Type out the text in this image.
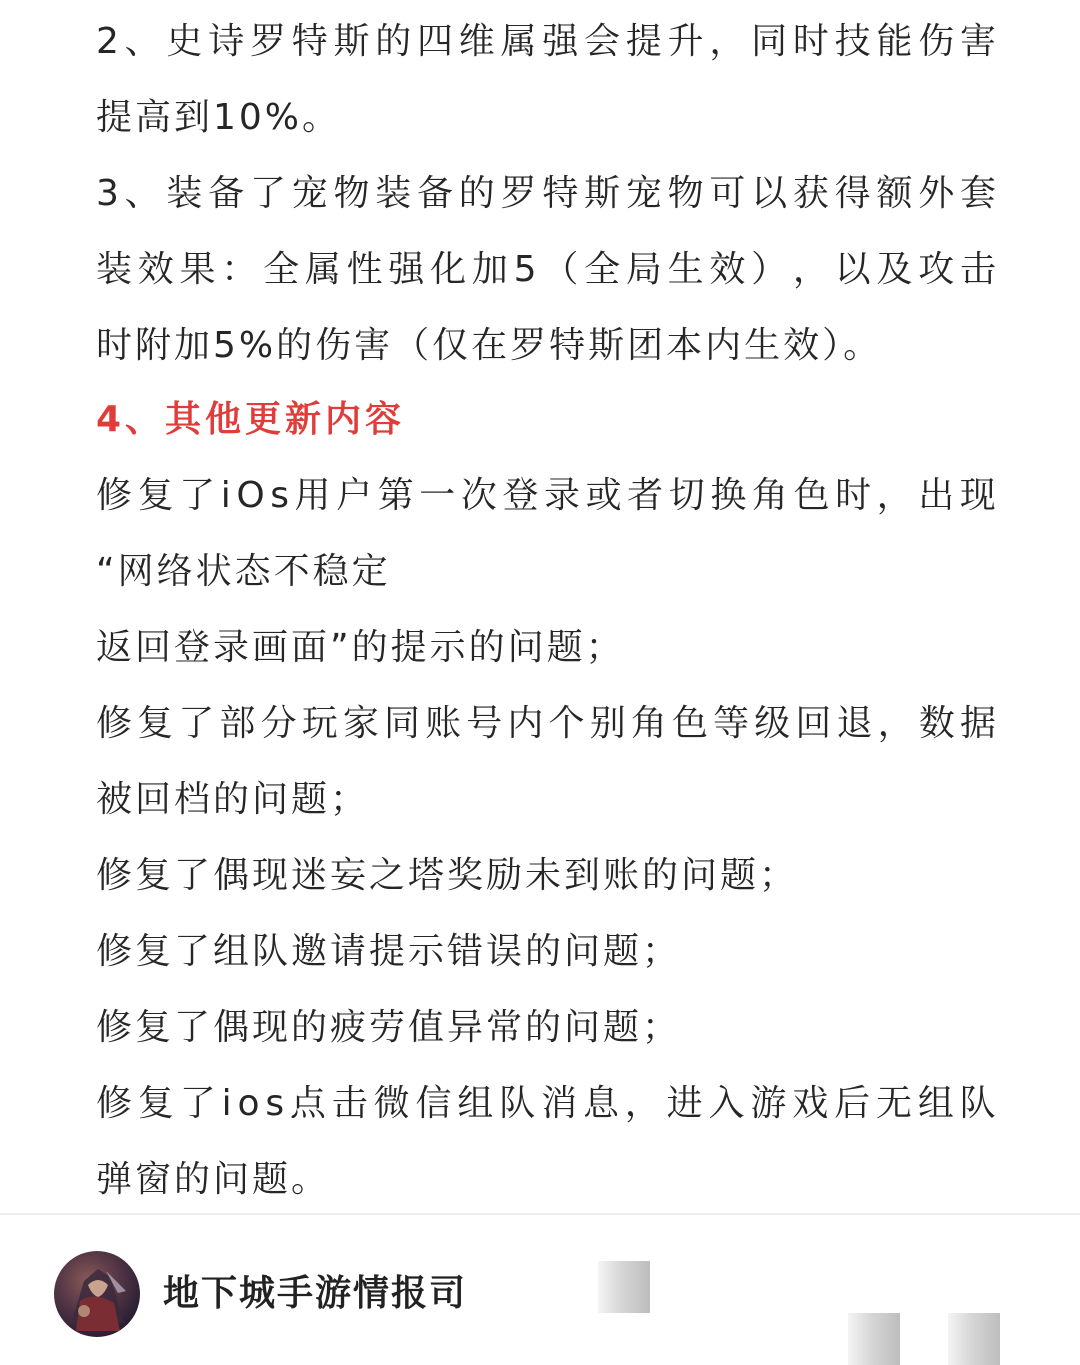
2 、 史 诗 罗 特 斯 的 四 维 属 强 会 提 升 ， 同 时 技 能 伤 害
提高到10%。
3 、 装 备 了 宠 物 装 备 的 罗 特 斯 宠 物 可 以 获 得 额 外 套
装 效 果 ： 全 属 性 强 化 加 5 （ 全 局 生 效 ） ， 以 及 攻 击
时附加5%的伤害（仅在罗特斯团本内生效）。
4、其他更新内容
修 复 了 i O s 用 户 第 一 次 登 录 或 者 切 换 角 色 时 ， 出 现
“网络状态不稳定
返回登录画面”的提示的问题；
修 复 了 部 分 玩 家 同 账 号 内 个 别 角 色 等 级 回 退 ， 数 据
被回档的问题；
修复了偶现迷妄之塔奖励未到账的问题；
修复了组队邀请提示错误的问题；
修复了偶现的疲劳值异常的问题；
修 复 了 i o s 点 击 微 信 组 队 消 息 ， 进 入 游 戏 后 无 组 队
弹窗的问题。
地下城手游情报司
